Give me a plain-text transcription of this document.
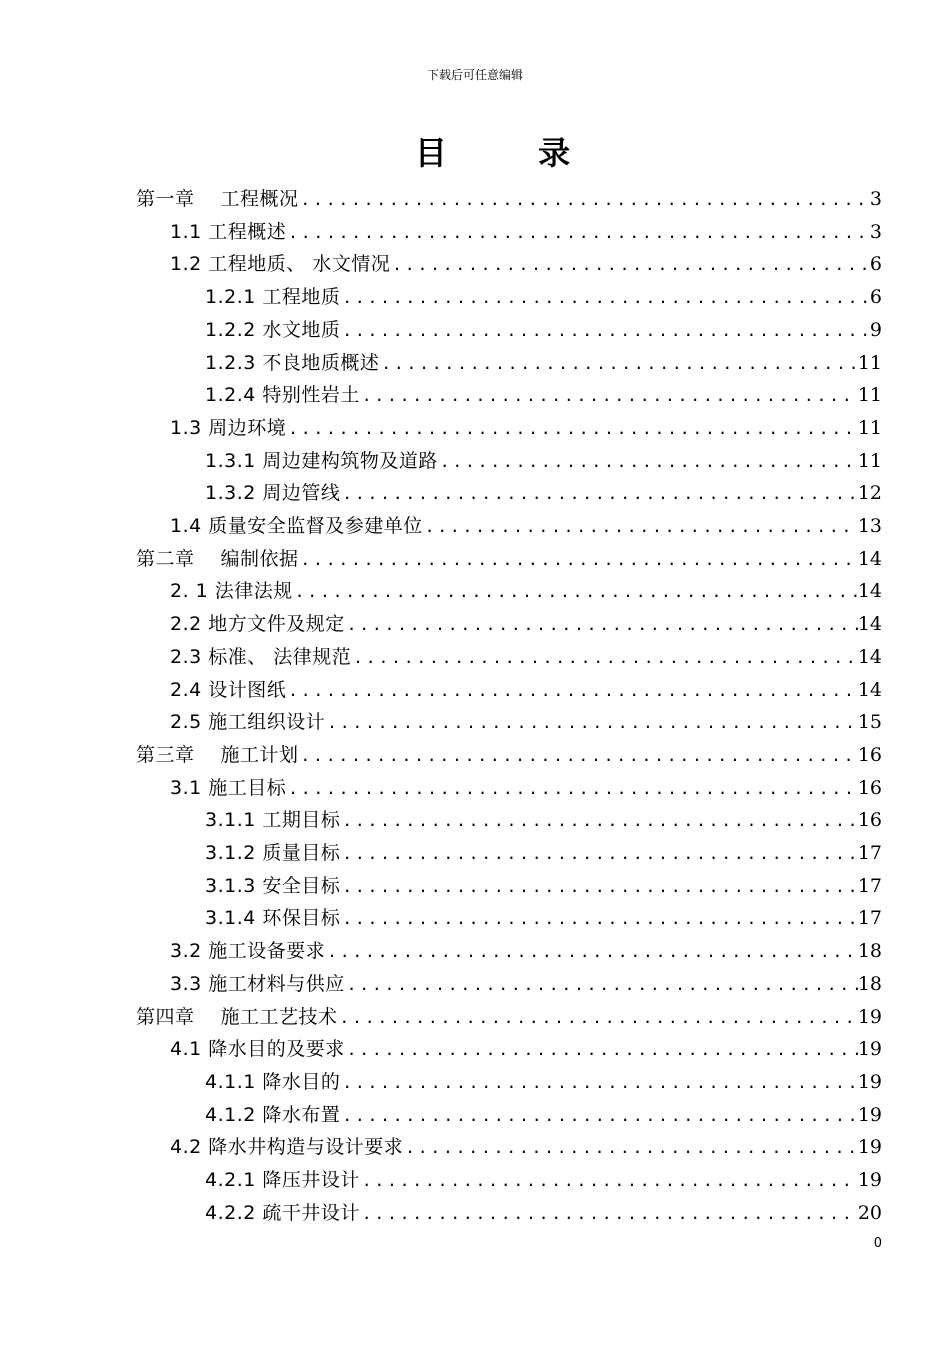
下载后可任意编辑
目 录
第一章　 工程概况 .....	3
1.1 工程概述 .....	3
1.2 工程地质、 水文情况 .....	6
1.2.1 工程地质 .....	6
1.2.2 水文地质 .....	9
1.2.3 不良地质概述 .....	11
1.2.4 特别性岩土 .....	11
1.3 周边环境 .....	11
1.3.1 周边建构筑物及道路 .....	11
1.3.2 周边管线 .....	12
1.4 质量安全监督及参建单位 .....	13
第二章　 编制依据 .....	14
2. 1 法律法规 .....	14
2.2 地方文件及规定 .....	14
2.3 标准、 法律规范 .....	14
2.4 设计图纸 .....	14
2.5 施工组织设计 .....	15
第三章　 施工计划 .....	16
3.1 施工目标 .....	16
3.1.1 工期目标 .....	16
3.1.2 质量目标 .....	17
3.1.3 安全目标 .....	17
3.1.4 环保目标 .....	17
3.2 施工设备要求 .....	18
3.3 施工材料与供应 .....	18
第四章　 施工工艺技术 .....	19
4.1 降水目的及要求 .....	19
4.1.1 降水目的 .....	19
4.1.2 降水布置 .....	19
4.2 降水井构造与设计要求 .....	19
4.2.1 降压井设计 .....	19
4.2.2 疏干井设计 .....	20
0
